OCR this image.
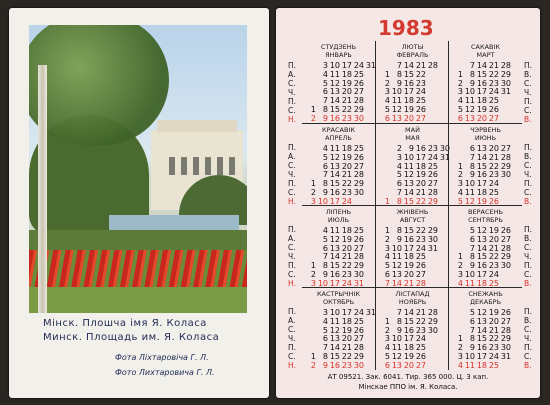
Мінск. Плошча імя Я. Коласа
Минск. Площадь им. Я. Коласа
Фота Ліхтаровіча Г. Л.
Фото Лихтаровича Г. Л.
1983
СТУДЗЕНЬ
ЯНВАРЬ
1
2
3
4
5
6
7
8
9
10
11
12
13
14
15
16
17
18
19
20
21
22
23
24
25
26
27
28
29
30
31
ЛЮТЫ
ФЕВРАЛЬ
1
2
3
4
5
6
7
8
9
10
11
12
13
14
15
16
17
18
19
20
21
22
23
24
25
26
27
28
САКАВІК
МАРТ
1
2
3
4
5
6
7
8
9
10
11
12
13
14
15
16
17
18
19
20
21
22
23
24
25
26
27
28
29
30
31
КРАСАВІК
АПРЕЛЬ
1
2
3
4
5
6
7
8
9
10
11
12
13
14
15
16
17
18
19
20
21
22
23
24
25
26
27
28
29
30
МАЙ
МАЯ
1
2
3
4
5
6
7
8
9
10
11
12
13
14
15
16
17
18
19
20
21
22
23
24
25
26
27
28
29
30
31
ЧЭРВЕНЬ
ИЮНЬ
1
2
3
4
5
6
7
8
9
10
11
12
13
14
15
16
17
18
19
20
21
22
23
24
25
26
27
28
29
30
ЛІПЕНЬ
ИЮЛЬ
1
2
3
4
5
6
7
8
9
10
11
12
13
14
15
16
17
18
19
20
21
22
23
24
25
26
27
28
29
30
31
ЖНІВЕНЬ
АВГУСТ
1
2
3
4
5
6
7
8
9
10
11
12
13
14
15
16
17
18
19
20
21
22
23
24
25
26
27
28
29
30
31
ВЕРАСЕНЬ
СЕНТЯБРЬ
1
2
3
4
5
6
7
8
9
10
11
12
13
14
15
16
17
18
19
20
21
22
23
24
25
26
27
28
29
30
КАСТРЫЧНІК
ОКТЯБРЬ
1
2
3
4
5
6
7
8
9
10
11
12
13
14
15
16
17
18
19
20
21
22
23
24
25
26
27
28
29
30
31
ЛІСТАПАД
НОЯБРЬ
1
2
3
4
5
6
7
8
9
10
11
12
13
14
15
16
17
18
19
20
21
22
23
24
25
26
27
28
29
30
СНЕЖАНЬ
ДЕКАБРЬ
1
2
3
4
5
6
7
8
9
10
11
12
13
14
15
16
17
18
19
20
21
22
23
24
25
26
27
28
29
30
31
АТ 09521. Зак. 6041. Тир. 365 000. Ц. 3 кап.
Мінскае ППО ім. Я. Коласа.
П.
А.
С.
Ч.
П.
С.
Н.
П.
А.
С.
Ч.
П.
С.
Н.
П.
А.
С.
Ч.
П.
С.
Н.
П.
А.
С.
Ч.
П.
С.
Н.
П.
В.
С.
Ч.
П.
С.
В.
П.
В.
С.
Ч.
П.
С.
В.
П.
В.
С.
Ч.
П.
С.
В.
П.
В.
С.
Ч.
П.
С.
В.
